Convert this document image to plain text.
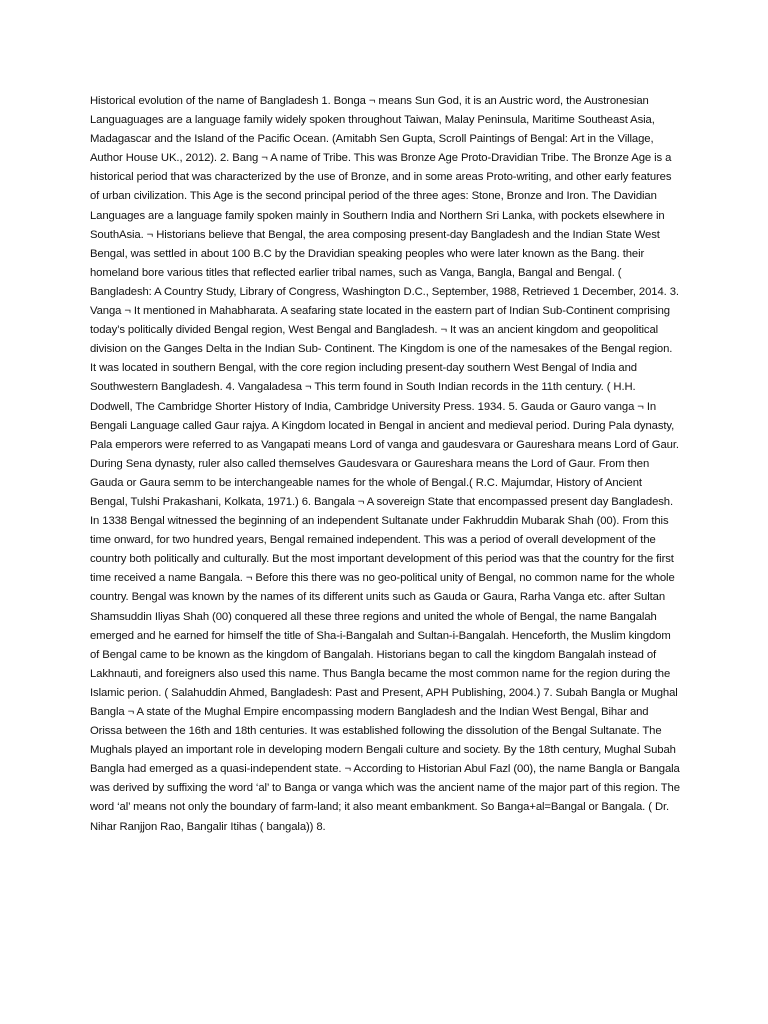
Historical evolution of the name of Bangladesh 1. Bonga ¬ means Sun God, it is an Austric word, the Austronesian Languaguages are a language family widely spoken throughout Taiwan, Malay Peninsula, Maritime Southeast Asia, Madagascar and the Island of the Pacific Ocean. (Amitabh Sen Gupta, Scroll Paintings of Bengal: Art in the Village, Author House UK., 2012). 2. Bang ¬ A name of Tribe. This was Bronze Age Proto-Dravidian Tribe. The Bronze Age is a historical period that was characterized by the use of Bronze, and in some areas Proto-writing, and other early features of urban civilization. This Age is the second principal period of the three ages: Stone, Bronze and Iron. The Davidian Languages are a language family spoken mainly in Southern India and Northern Sri Lanka, with pockets elsewhere in SouthAsia. ¬ Historians believe that Bengal, the area composing present-day Bangladesh and the Indian State West Bengal, was settled in about 100 B.C by the Dravidian speaking peoples who were later known as the Bang. their homeland bore various titles that reflected earlier tribal names, such as Vanga, Bangla, Bangal and Bengal. ( Bangladesh: A Country Study, Library of Congress, Washington D.C., September, 1988, Retrieved 1 December, 2014. 3. Vanga ¬ It mentioned in Mahabharata. A seafaring state located in the eastern part of Indian Sub-Continent comprising today’s politically divided Bengal region, West Bengal and Bangladesh. ¬ It was an ancient kingdom and geopolitical division on the Ganges Delta in the Indian Sub- Continent. The Kingdom is one of the namesakes of the Bengal region. It was located in southern Bengal, with the core region including present-day southern West Bengal of India and Southwestern Bangladesh. 4. Vangaladesa ¬ This term found in South Indian records in the 11th century. ( H.H. Dodwell, The Cambridge Shorter History of India, Cambridge University Press. 1934. 5. Gauda or Gauro vanga ¬ In Bengali Language called Gaur rajya. A Kingdom located in Bengal in ancient and medieval period. During Pala dynasty, Pala emperors were referred to as Vangapati means Lord of vanga and gaudesvara or Gaureshara means Lord of Gaur. During Sena dynasty, ruler also called themselves Gaudesvara or Gaureshara means the Lord of Gaur. From then Gauda or Gaura semm to be interchangeable names for the whole of Bengal.( R.C. Majumdar, History of Ancient Bengal, Tulshi Prakashani, Kolkata, 1971.) 6. Bangala ¬ A sovereign State that encompassed present day Bangladesh. In 1338 Bengal witnessed the beginning of an independent Sultanate under Fakhruddin Mubarak Shah (00). From this time onward, for two hundred years, Bengal remained independent. This was a period of overall development of the country both politically and culturally. But the most important development of this period was that the country for the first time received a name Bangala. ¬ Before this there was no geo-political unity of Bengal, no common name for the whole country. Bengal was known by the names of its different units such as Gauda or Gaura, Rarha Vanga etc. after Sultan Shamsuddin Iliyas Shah (00) conquered all these three regions and united the whole of Bengal, the name Bangalah emerged and he earned for himself the title of Sha-i-Bangalah and Sultan-i-Bangalah. Henceforth, the Muslim kingdom of Bengal came to be known as the kingdom of Bangalah. Historians began to call the kingdom Bangalah instead of Lakhnauti, and foreigners also used this name. Thus Bangla became the most common name for the region during the Islamic perion. ( Salahuddin Ahmed, Bangladesh: Past and Present, APH Publishing, 2004.) 7. Subah Bangla or Mughal Bangla ¬ A state of the Mughal Empire encompassing modern Bangladesh and the Indian West Bengal, Bihar and Orissa between the 16th and 18th centuries. It was established following the dissolution of the Bengal Sultanate. The Mughals played an important role in developing modern Bengali culture and society. By the 18th century, Mughal Subah Bangla had emerged as a quasi-independent state. ¬ According to Historian Abul Fazl (00), the name Bangla or Bangala was derived by suffixing the word ‘al’ to Banga or vanga which was the ancient name of the major part of this region. The word ‘al’ means not only the boundary of farm-land; it also meant embankment. So Banga+al=Bangal or Bangala. ( Dr. Nihar Ranjjon Rao, Bangalir Itihas ( bangala)) 8.
